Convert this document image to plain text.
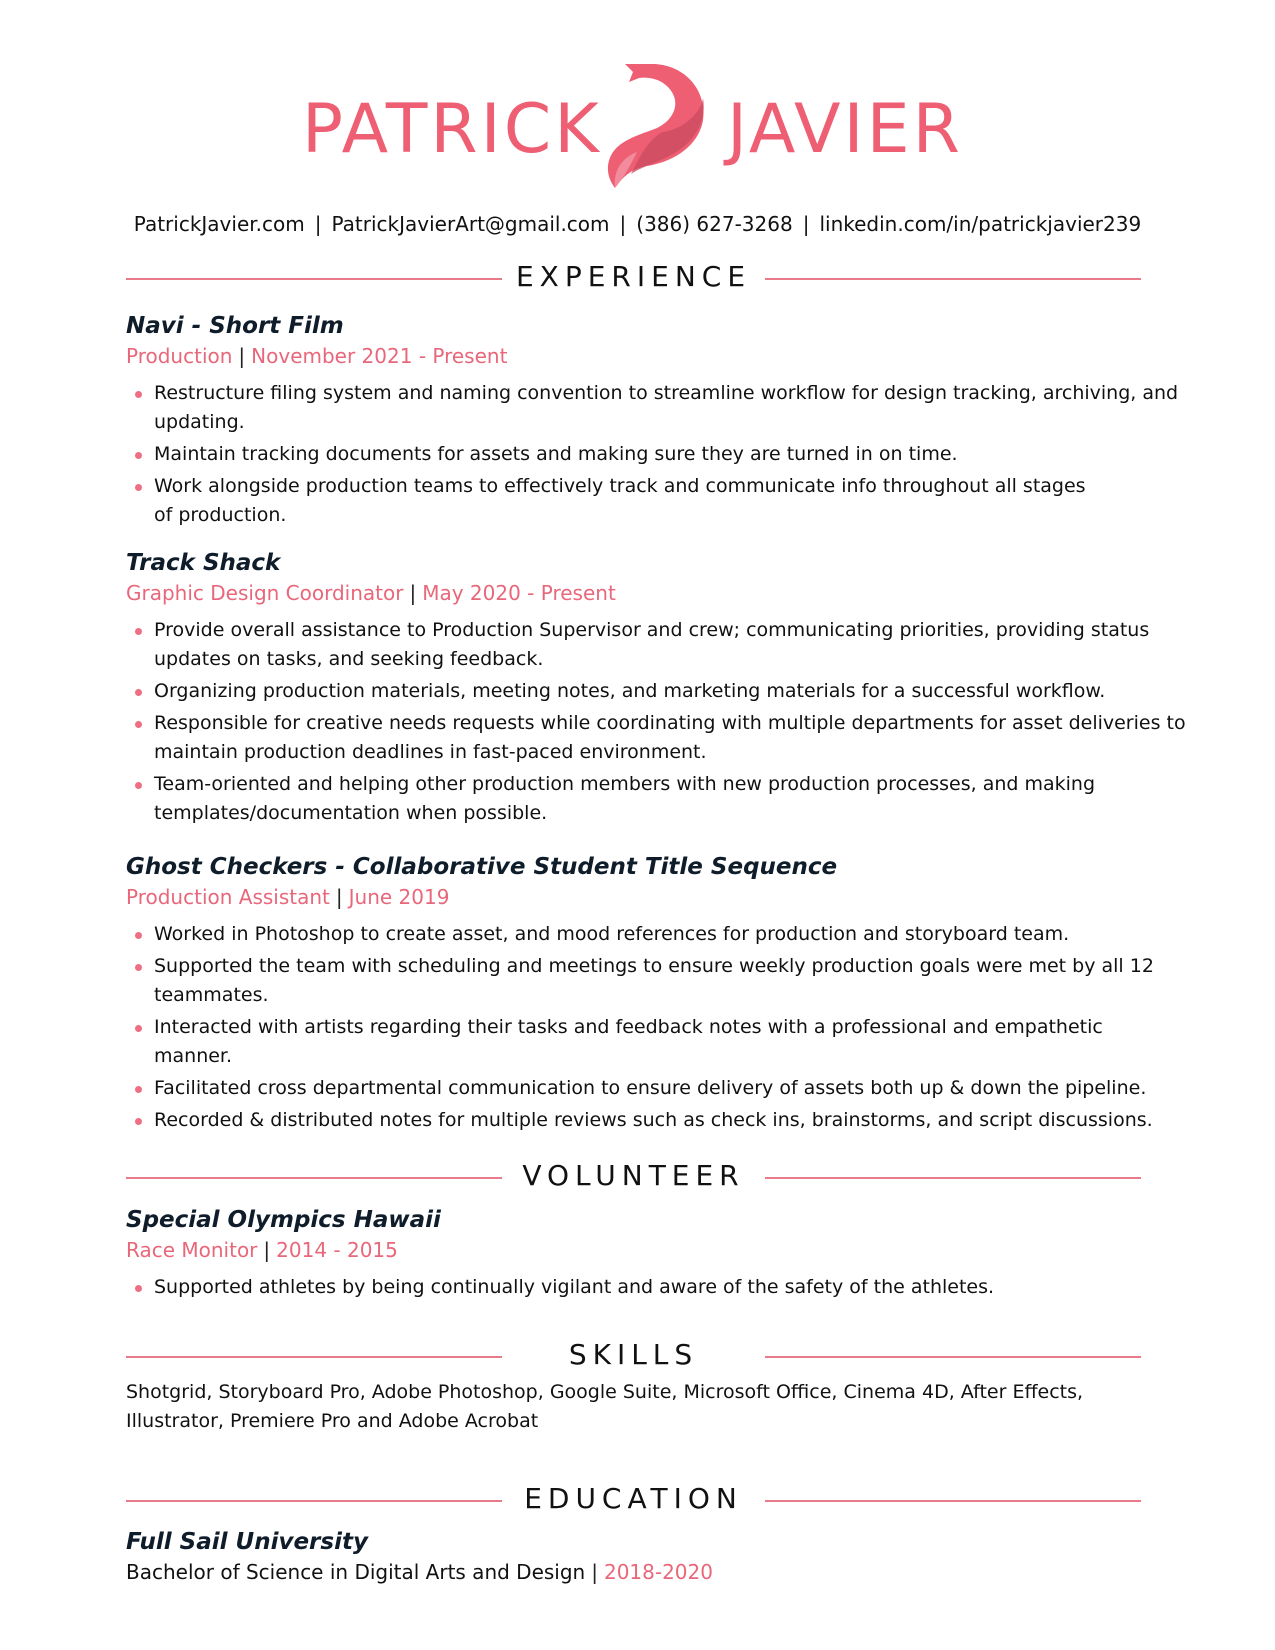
PATRICK JAVIER
PatrickJavier.com | PatrickJavierArt@gmail.com | (386) 627-3268 | linkedin.com/in/patrickjavier239
EXPERIENCE
Navi - Short Film
Production | November 2021 - Present
Restructure filing system and naming convention to streamline workflow for design tracking, archiving, and updating.
Maintain tracking documents for assets and making sure they are turned in on time.
Work alongside production teams to effectively track and communicate info throughout all stages of production.
Track Shack
Graphic Design Coordinator | May 2020 - Present
Provide overall assistance to Production Supervisor and crew; communicating priorities, providing status updates on tasks, and seeking feedback.
Organizing production materials, meeting notes, and marketing materials for a successful workflow.
Responsible for creative needs requests while coordinating with multiple departments for asset deliveries to maintain production deadlines in fast-paced environment.
Team-oriented and helping other production members with new production processes, and making templates/documentation when possible.
Ghost Checkers - Collaborative Student Title Sequence
Production Assistant | June 2019
Worked in Photoshop to create asset, and mood references for production and storyboard team.
Supported the team with scheduling and meetings to ensure weekly production goals were met by all 12 teammates.
Interacted with artists regarding their tasks and feedback notes with a professional and empathetic manner.
Facilitated cross departmental communication to ensure delivery of assets both up & down the pipeline.
Recorded & distributed notes for multiple reviews such as check ins, brainstorms, and script discussions.
VOLUNTEER
Special Olympics Hawaii
Race Monitor | 2014 - 2015
Supported athletes by being continually vigilant and aware of the safety of the athletes.
SKILLS
Shotgrid, Storyboard Pro, Adobe Photoshop, Google Suite, Microsoft Office, Cinema 4D, After Effects, Illustrator, Premiere Pro and Adobe Acrobat
EDUCATION
Full Sail University
Bachelor of Science in Digital Arts and Design | 2018-2020
